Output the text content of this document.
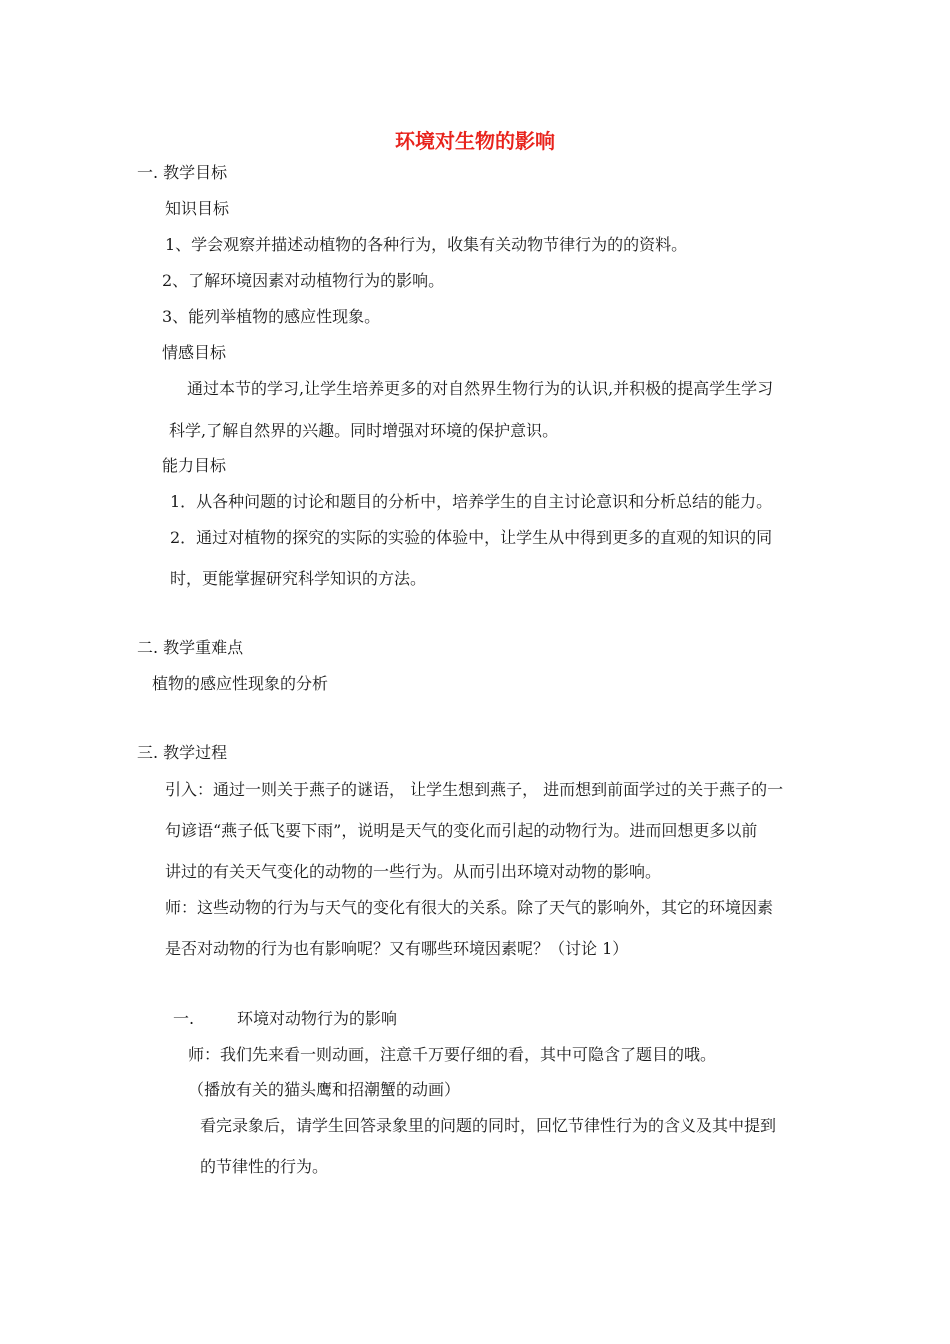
环境对生物的影响
一. 教学目标
知识目标
1、学会观察并描述动植物的各种行为，收集有关动物节律行为的的资料。
2、了解环境因素对动植物行为的影响。
3、能列举植物的感应性现象。
情感目标
通过本节的学习,让学生培养更多的对自然界生物行为的认识,并积极的提高学生学习
科学,了解自然界的兴趣。同时增强对环境的保护意识。
能力目标
1．从各种问题的讨论和题目的分析中，培养学生的自主讨论意识和分析总结的能力。
2．通过对植物的探究的实际的实验的体验中，让学生从中得到更多的直观的知识的同
时，更能掌握研究科学知识的方法。
二. 教学重难点
植物的感应性现象的分析
三. 教学过程
引入：通过一则关于燕子的谜语， 让学生想到燕子， 进而想到前面学过的关于燕子的一
句谚语“燕子低飞要下雨”，说明是天气的变化而引起的动物行为。进而回想更多以前
讲过的有关天气变化的动物的一些行为。从而引出环境对动物的影响。
师：这些动物的行为与天气的变化有很大的关系。除了天气的影响外，其它的环境因素
是否对动物的行为也有影响呢？又有哪些环境因素呢？（讨论 1）
一.	环境对动物行为的影响
师：我们先来看一则动画，注意千万要仔细的看，其中可隐含了题目的哦。
（播放有关的猫头鹰和招潮蟹的动画）
看完录象后，请学生回答录象里的问题的同时，回忆节律性行为的含义及其中提到
的节律性的行为。
